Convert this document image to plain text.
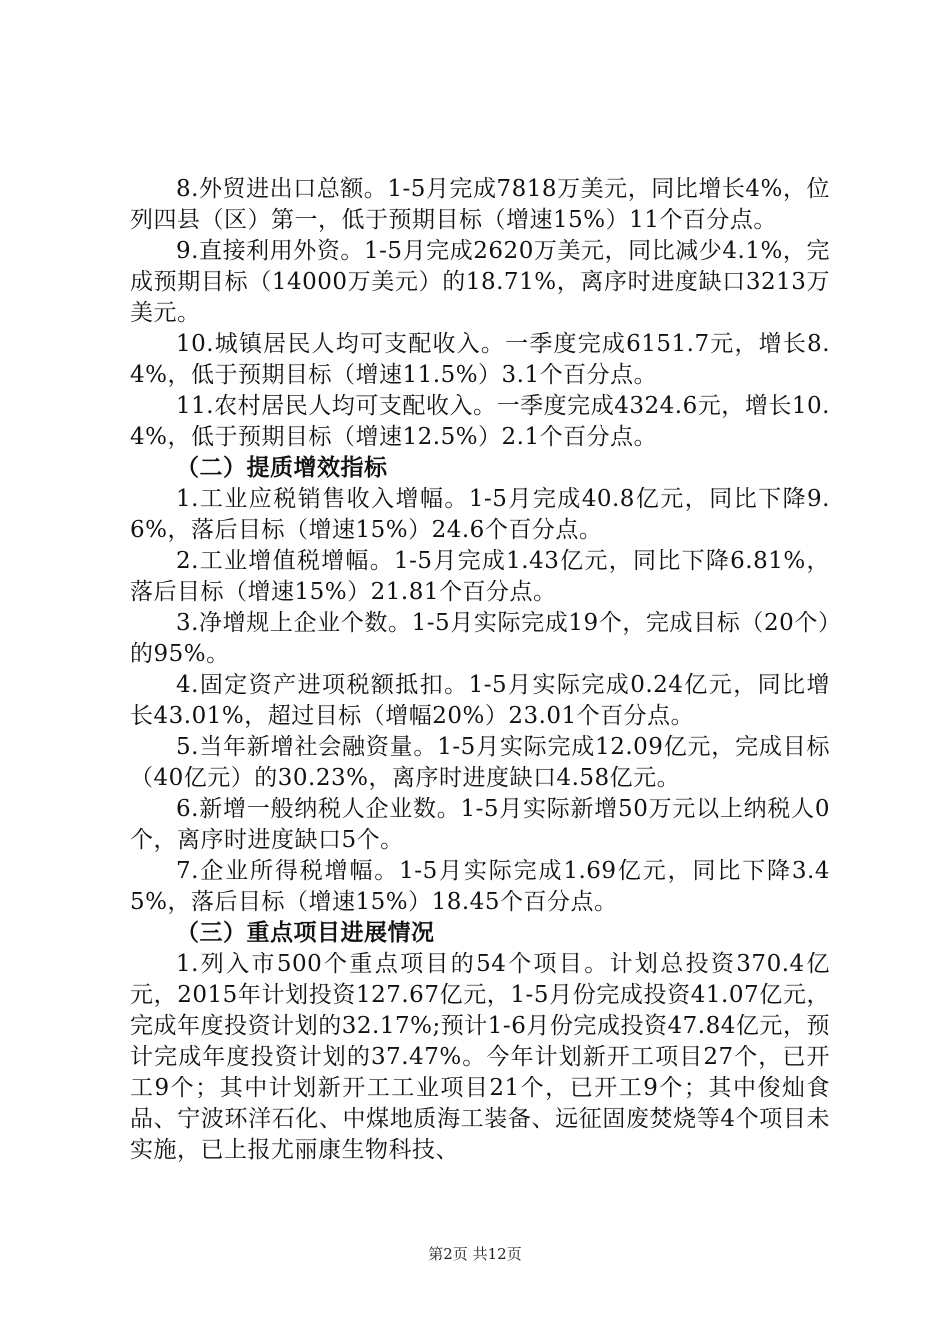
8.外贸进出口总额。1-5月完成7818万美元，同比增长4%，位列四县（区）第一，低于预期目标（增速15%）11个百分点。

9.直接利用外资。1-5月完成2620万美元，同比减少4.1%，完成预期目标（14000万美元）的18.71%，离序时进度缺口3213万美元。

10.城镇居民人均可支配收入。一季度完成6151.7元，增长8.4%，低于预期目标（增速11.5%）3.1个百分点。

11.农村居民人均可支配收入。一季度完成4324.6元，增长10.4%，低于预期目标（增速12.5%）2.1个百分点。

（二）提质增效指标

1.工业应税销售收入增幅。1-5月完成40.8亿元，同比下降9.6%，落后目标（增速15%）24.6个百分点。

2.工业增值税增幅。1-5月完成1.43亿元，同比下降6.81%，落后目标（增速15%）21.81个百分点。

3.净增规上企业个数。1-5月实际完成19个，完成目标（20个）的95%。

4.固定资产进项税额抵扣。1-5月实际完成0.24亿元，同比增长43.01%，超过目标（增幅20%）23.01个百分点。

5.当年新增社会融资量。1-5月实际完成12.09亿元，完成目标（40亿元）的30.23%，离序时进度缺口4.58亿元。

6.新增一般纳税人企业数。1-5月实际新增50万元以上纳税人0个，离序时进度缺口5个。

7.企业所得税增幅。1-5月实际完成1.69亿元，同比下降3.45%，落后目标（增速15%）18.45个百分点。

（三）重点项目进展情况

1.列入市500个重点项目的54个项目。计划总投资370.4亿元，2015年计划投资127.67亿元，1-5月份完成投资41.07亿元，完成年度投资计划的32.17%;预计1-6月份完成投资47.84亿元，预计完成年度投资计划的37.47%。今年计划新开工项目27个，已开工9个；其中计划新开工工业项目21个，已开工9个；其中俊灿食品、宁波环洋石化、中煤地质海工装备、远征固废焚烧等4个项目未实施，已上报尤丽康生物科技、

第2页 共12页
